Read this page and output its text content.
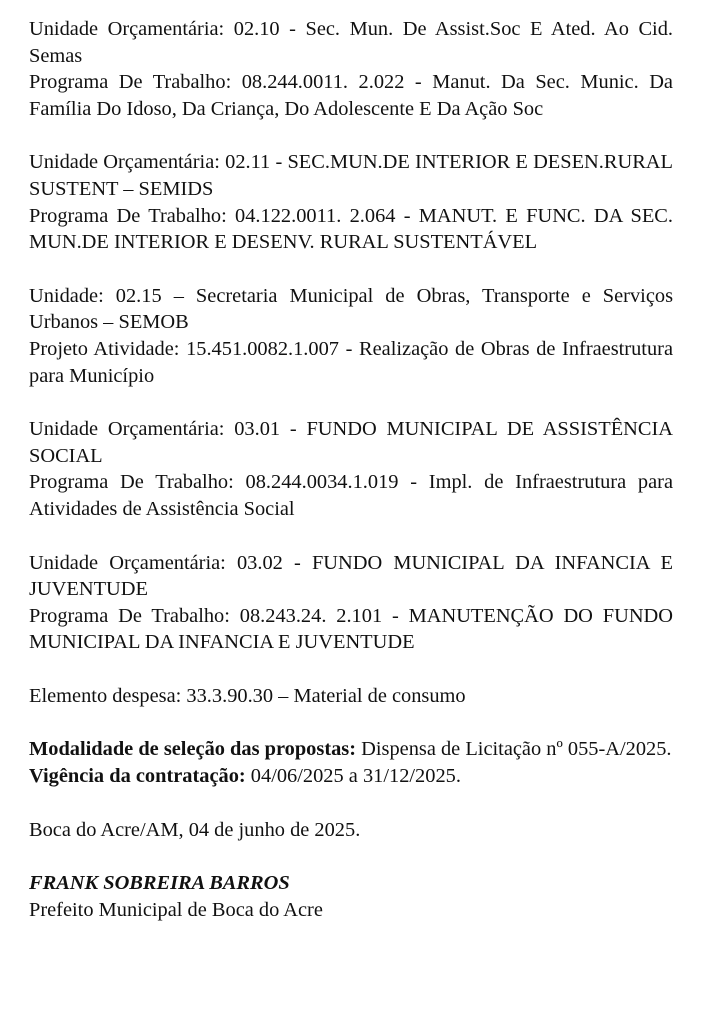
Unidade Orçamentária: 02.10 - Sec. Mun. De Assist.Soc E Ated. Ao Cid. Semas

Programa De Trabalho: 08.244.0011. 2.022 - Manut. Da Sec. Munic. Da Família Do Idoso, Da Criança, Do Adolescente E Da Ação Soc

Unidade Orçamentária: 02.11 - SEC.MUN.DE INTERIOR E DESEN.RURAL SUSTENT – SEMIDS

Programa De Trabalho: 04.122.0011. 2.064 - MANUT. E FUNC. DA SEC. MUN.DE INTERIOR E DESENV. RURAL SUSTENTÁVEL

Unidade: 02.15 – Secretaria Municipal de Obras, Transporte e Serviços Urbanos – SEMOB

Projeto Atividade: 15.451.0082.1.007 - Realização de Obras de Infraestrutura para Município

Unidade Orçamentária: 03.01 - FUNDO MUNICIPAL DE ASSISTÊNCIA SOCIAL

Programa De Trabalho: 08.244.0034.1.019 - Impl. de Infraestrutura para Atividades de Assistência Social

Unidade Orçamentária: 03.02 - FUNDO MUNICIPAL DA INFANCIA E JUVENTUDE

Programa De Trabalho: 08.243.24. 2.101 - MANUTENÇÃO DO FUNDO MUNICIPAL DA INFANCIA E JUVENTUDE

Elemento despesa: 33.3.90.30 – Material de consumo

Modalidade de seleção das propostas: Dispensa de Licitação nº 055-A/2025.

Vigência da contratação: 04/06/2025 a 31/12/2025.

Boca do Acre/AM, 04 de junho de 2025.

FRANK SOBREIRA BARROS

Prefeito Municipal de Boca do Acre
